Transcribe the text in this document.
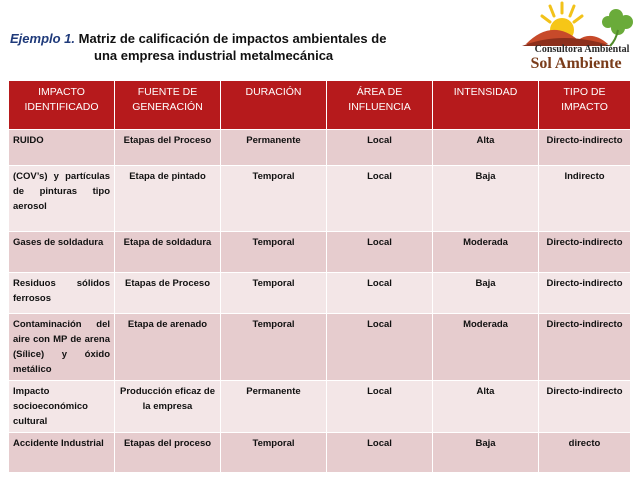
Ejemplo 1. Matriz de calificación de impactos ambientales de
una empresa industrial metalmecánica	Consultora Ambiental
Sol Ambiente
IMPACTO IDENTIFICADO	FUENTE DE GENERACIÓN	DURACIÓN	ÁREA DE INFLUENCIA	INTENSIDAD	TIPO DE IMPACTO
RUIDO	Etapas del Proceso	Permanente	Local	Alta	Directo-indirecto
(COV’s) y partículas de pinturas tipo aerosol	Etapa de pintado	Temporal	Local	Baja	Indirecto
Gases de soldadura	Etapa de soldadura	Temporal	Local	Moderada	Directo-indirecto
Residuos sólidos ferrosos	Etapas de Proceso	Temporal	Local	Baja	Directo-indirecto
Contaminación del aire con MP de arena (Sílice) y óxido metálico	Etapa de arenado	Temporal	Local	Moderada	Directo-indirecto
Impacto socioeconómico cultural	Producción eficaz de la empresa	Permanente	Local	Alta	Directo-indirecto
Accidente Industrial	Etapas del proceso	Temporal	Local	Baja	directo
